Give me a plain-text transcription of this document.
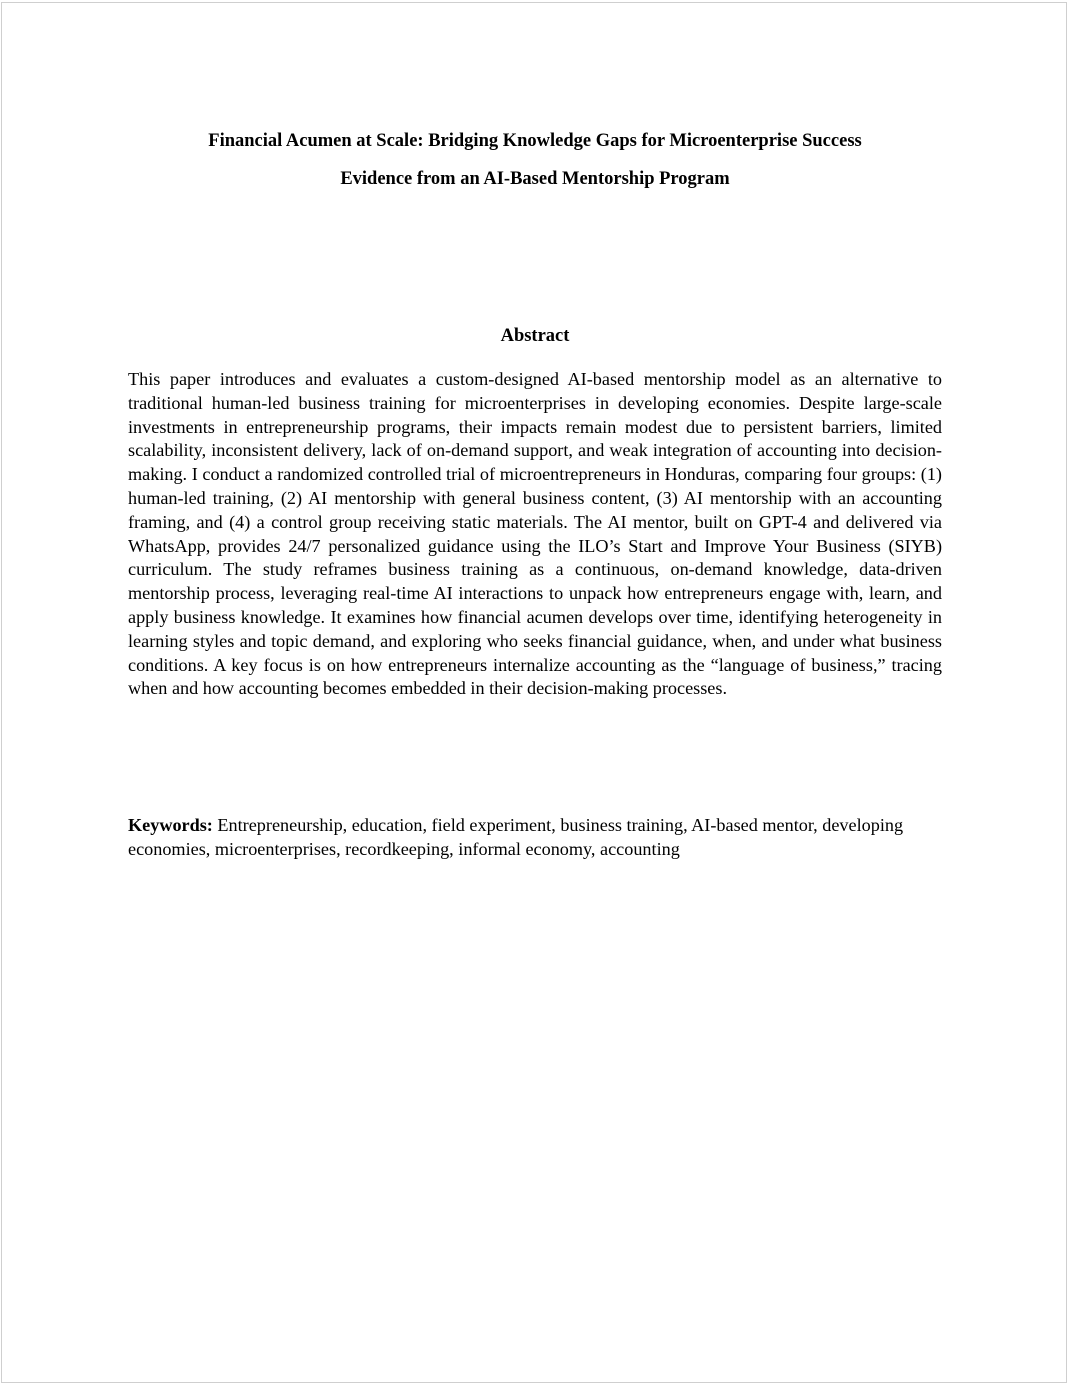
Financial Acumen at Scale: Bridging Knowledge Gaps for Microenterprise Success
Evidence from an AI-Based Mentorship Program
Abstract

This paper introduces and evaluates a custom-designed AI-based mentorship model as an alternative to traditional human-led business training for microenterprises in developing economies. Despite large-scale investments in entrepreneurship programs, their impacts remain modest due to persistent barriers, limited scalability, inconsistent delivery, lack of on-demand support, and weak integration of accounting into decision-making. I conduct a randomized controlled trial of microentrepreneurs in Honduras, comparing four groups: (1) human-led training, (2) AI mentorship with general business content, (3) AI mentorship with an accounting framing, and (4) a control group receiving static materials. The AI mentor, built on GPT-4 and delivered via WhatsApp, provides 24/7 personalized guidance using the ILO’s Start and Improve Your Business (SIYB) curriculum. The study reframes business training as a continuous, on-demand knowledge, data-driven mentorship process, leveraging real-time AI interactions to unpack how entrepreneurs engage with, learn, and apply business knowledge. It examines how financial acumen develops over time, identifying heterogeneity in learning styles and topic demand, and exploring who seeks financial guidance, when, and under what business conditions. A key focus is on how entrepreneurs internalize accounting as the “language of business,” tracing when and how accounting becomes embedded in their decision-making processes.

Keywords: Entrepreneurship, education, field experiment, business training, AI-based mentor, developing economies, microenterprises, recordkeeping, informal economy, accounting
